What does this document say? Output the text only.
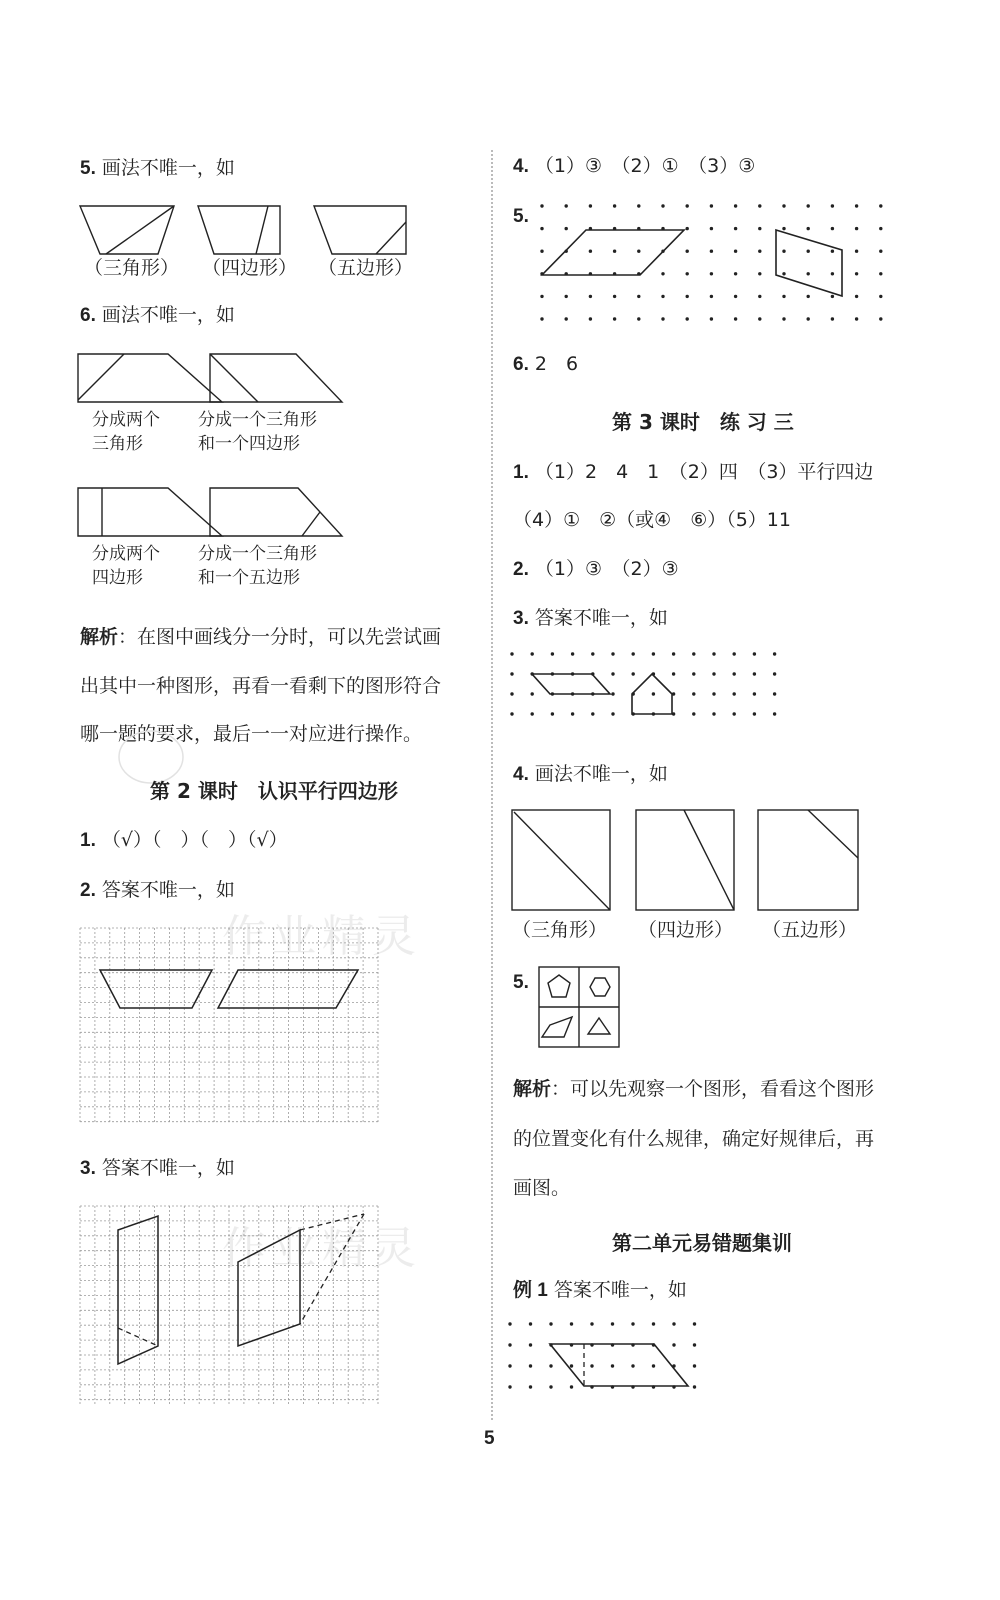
5. 画法不唯一，如
（三角形） （四边形） （五边形）
6. 画法不唯一，如
分成两个
三角形
分成一个三角形
和一个四边形
分成两个
四边形
分成一个三角形
和一个五边形
解析：在图中画线分一分时，可以先尝试画
出其中一种图形，再看一看剩下的图形符合
哪一题的要求，最后一一对应进行操作。
第 2 课时　认识平行四边形
1. （√）（　）（　）（√）
2. 答案不唯一，如
作业精灵
作业精灵
3. 答案不唯一，如
4. （1）③　（2）①　（3）③
5.
6. 2　6
第 3 课时　练 习 三
1. （1）2　4　1　（2）四　（3）平行四边
（4）①　②（或④　⑥）（5）11
2. （1）③　（2）③
3. 答案不唯一，如
4. 画法不唯一，如
（三角形） （四边形） （五边形）
5.
解析：可以先观察一个图形，看看这个图形
的位置变化有什么规律，确定好规律后，再
画图。
第二单元易错题集训
例 1 答案不唯一，如
5
